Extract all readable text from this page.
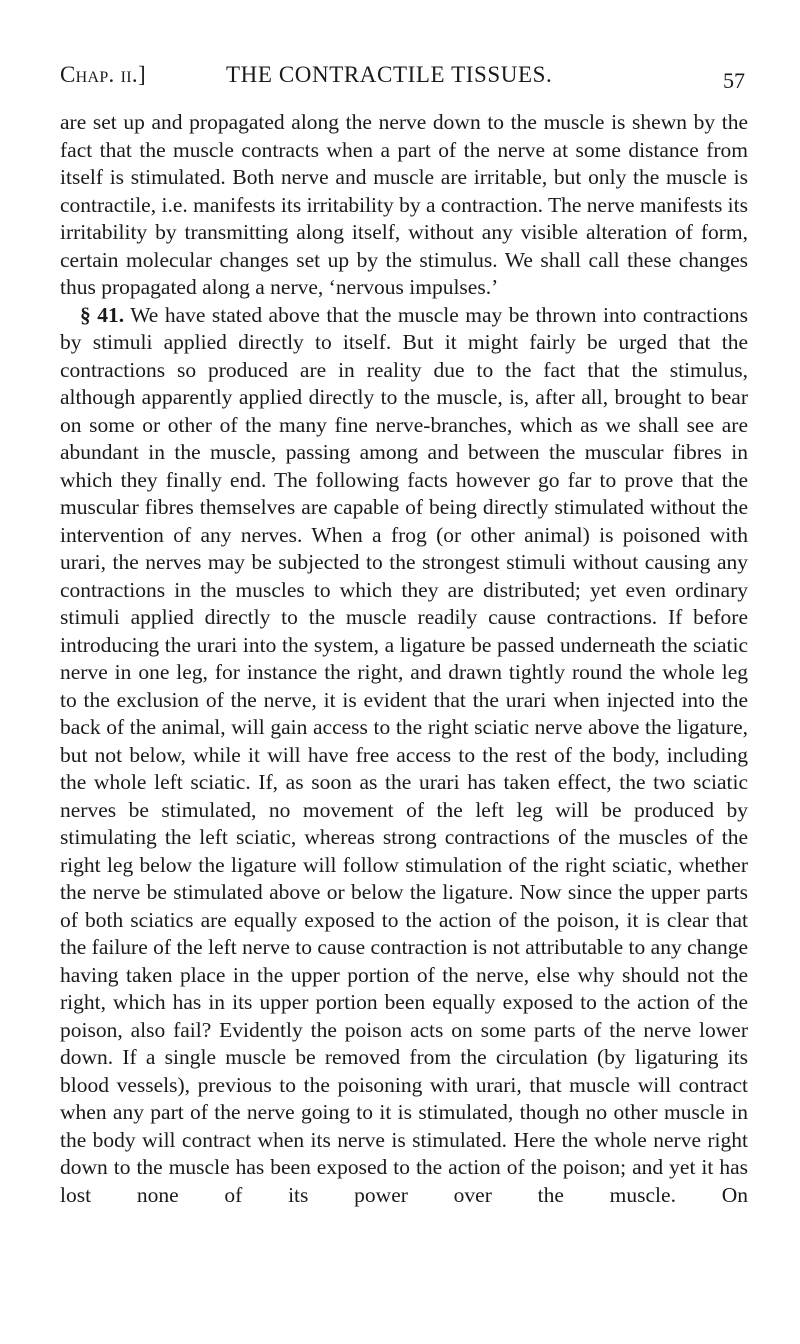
Chap. ii.]	THE CONTRACTILE TISSUES.	57

are set up and propagated along the nerve down to the muscle is shewn by the fact that the muscle contracts when a part of the nerve at some distance from itself is stimulated. Both nerve and muscle are irritable, but only the muscle is contractile, i.e. manifests its irritability by a contraction. The nerve manifests its irritability by transmitting along itself, without any visible alteration of form, certain molecular changes set up by the stimulus. We shall call these changes thus propagated along a nerve, ‘nervous impulses.’

§ 41. We have stated above that the muscle may be thrown into contractions by stimuli applied directly to itself. But it might fairly be urged that the contractions so produced are in reality due to the fact that the stimulus, although apparently applied directly to the muscle, is, after all, brought to bear on some or other of the many fine nerve-branches, which as we shall see are abundant in the muscle, passing among and between the muscular fibres in which they finally end. The following facts however go far to prove that the muscular fibres themselves are capable of being directly stimulated without the intervention of any nerves. When a frog (or other animal) is poisoned with urari, the nerves may be subjected to the strongest stimuli without causing any contractions in the muscles to which they are distributed; yet even ordinary stimuli applied directly to the muscle readily cause contractions. If before introducing the urari into the system, a ligature be passed underneath the sciatic nerve in one leg, for instance the right, and drawn tightly round the whole leg to the exclusion of the nerve, it is evident that the urari when injected into the back of the animal, will gain access to the right sciatic nerve above the ligature, but not below, while it will have free access to the rest of the body, including the whole left sciatic. If, as soon as the urari has taken effect, the two sciatic nerves be stimulated, no movement of the left leg will be produced by stimulating the left sciatic, whereas strong contractions of the muscles of the right leg below the ligature will follow stimulation of the right sciatic, whether the nerve be stimulated above or below the ligature. Now since the upper parts of both sciatics are equally exposed to the action of the poison, it is clear that the failure of the left nerve to cause contraction is not attributable to any change having taken place in the upper portion of the nerve, else why should not the right, which has in its upper portion been equally exposed to the action of the poison, also fail? Evidently the poison acts on some parts of the nerve lower down. If a single muscle be removed from the circulation (by ligaturing its blood vessels), previous to the poisoning with urari, that muscle will contract when any part of the nerve going to it is stimulated, though no other muscle in the body will contract when its nerve is stimulated. Here the whole nerve right down to the muscle has been exposed to the action of the poison; and yet it has lost none of its power over the muscle. On
